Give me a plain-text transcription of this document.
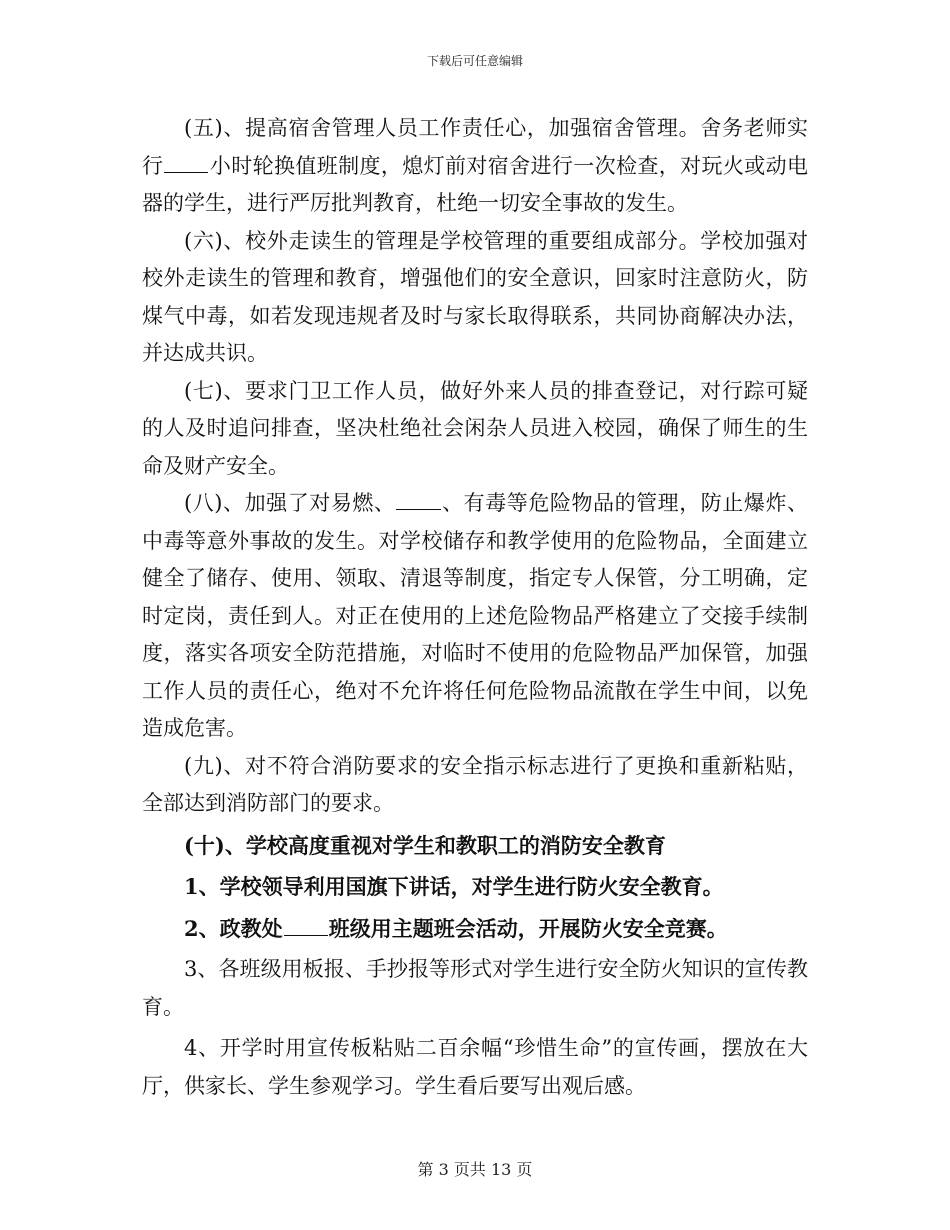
下载后可任意编辑

(五)、提高宿舍管理人员工作责任心，加强宿舍管理。舍务老师实行 小时轮换值班制度，熄灯前对宿舍进行一次检查，对玩火或动电器的学生，进行严厉批判教育，杜绝一切安全事故的发生。

(六)、校外走读生的管理是学校管理的重要组成部分。学校加强对校外走读生的管理和教育，增强他们的安全意识，回家时注意防火，防煤气中毒，如若发现违规者及时与家长取得联系，共同协商解决办法，并达成共识。

(七)、要求门卫工作人员，做好外来人员的排查登记，对行踪可疑的人及时追问排查，坚决杜绝社会闲杂人员进入校园，确保了师生的生命及财产安全。

(八)、加强了对易燃、 、有毒等危险物品的管理，防止爆炸、中毒等意外事故的发生。对学校储存和教学使用的危险物品，全面建立健全了储存、使用、领取、清退等制度，指定专人保管，分工明确，定时定岗，责任到人。对正在使用的上述危险物品严格建立了交接手续制度，落实各项安全防范措施，对临时不使用的危险物品严加保管，加强工作人员的责任心，绝对不允许将任何危险物品流散在学生中间，以免造成危害。

(九)、对不符合消防要求的安全指示标志进行了更换和重新粘贴，全部达到消防部门的要求。

(十)、学校高度重视对学生和教职工的消防安全教育

1、学校领导利用国旗下讲话，对学生进行防火安全教育。

2、政教处 班级用主题班会活动，开展防火安全竞赛。

3、各班级用板报、手抄报等形式对学生进行安全防火知识的宣传教育。

4、开学时用宣传板粘贴二百余幅“珍惜生命”的宣传画，摆放在大厅，供家长、学生参观学习。学生看后要写出观后感。

第 3 页共 13 页
